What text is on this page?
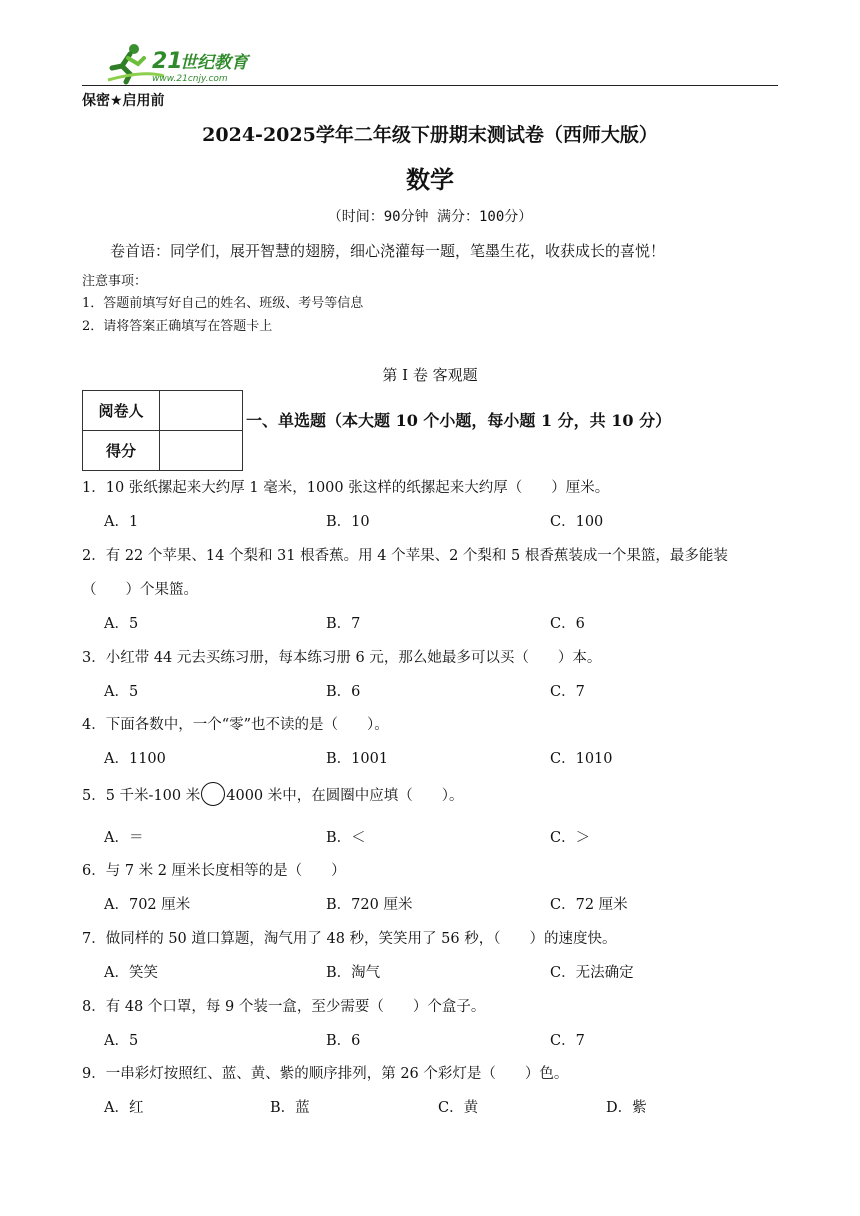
21
世纪教育
www.21cnjy.com
保密★启用前
2024-2025学年二年级下册期末测试卷（西师大版）
数学
（时间：90分钟 满分：100分）
卷首语：同学们，展开智慧的翅膀，细心浇灌每一题，笔墨生花，收获成长的喜悦！
注意事项：
1．答题前填写好自己的姓名、班级、考号等信息
2．请将答案正确填写在答题卡上
第 I 卷 客观题
阅卷人	
得分	
一、单选题（本大题 10 个小题，每小题 1 分，共 10 分）
1．10 张纸摞起来大约厚 1 毫米，1000 张这样的纸摞起来大约厚（　　）厘米。
A．1	B．10	C．100
2．有 22 个苹果、14 个梨和 31 根香蕉。用 4 个苹果、2 个梨和 5 根香蕉装成一个果篮，最多能装
（　　）个果篮。
A．5	B．7	C．6
3．小红带 44 元去买练习册，每本练习册 6 元，那么她最多可以买（　　）本。
A．5	B．6	C．7
4．下面各数中，一个“零”也不读的是（　　）。
A．1100	B．1001	C．1010
5．5 千米-100 米 4000 米中，在圆圈中应填（　　）。
A．＝	B．＜	C．＞
6．与 7 米 2 厘米长度相等的是（　　）
A．702 厘米	B．720 厘米	C．72 厘米
7．做同样的 50 道口算题，淘气用了 48 秒，笑笑用了 56 秒，（　　）的速度快。
A．笑笑	B．淘气	C．无法确定
8．有 48 个口罩，每 9 个装一盒，至少需要（　　）个盒子。
A．5	B．6	C．7
9．一串彩灯按照红、蓝、黄、紫的顺序排列，第 26 个彩灯是（　　）色。
A．红	B．蓝	C．黄	D．紫
